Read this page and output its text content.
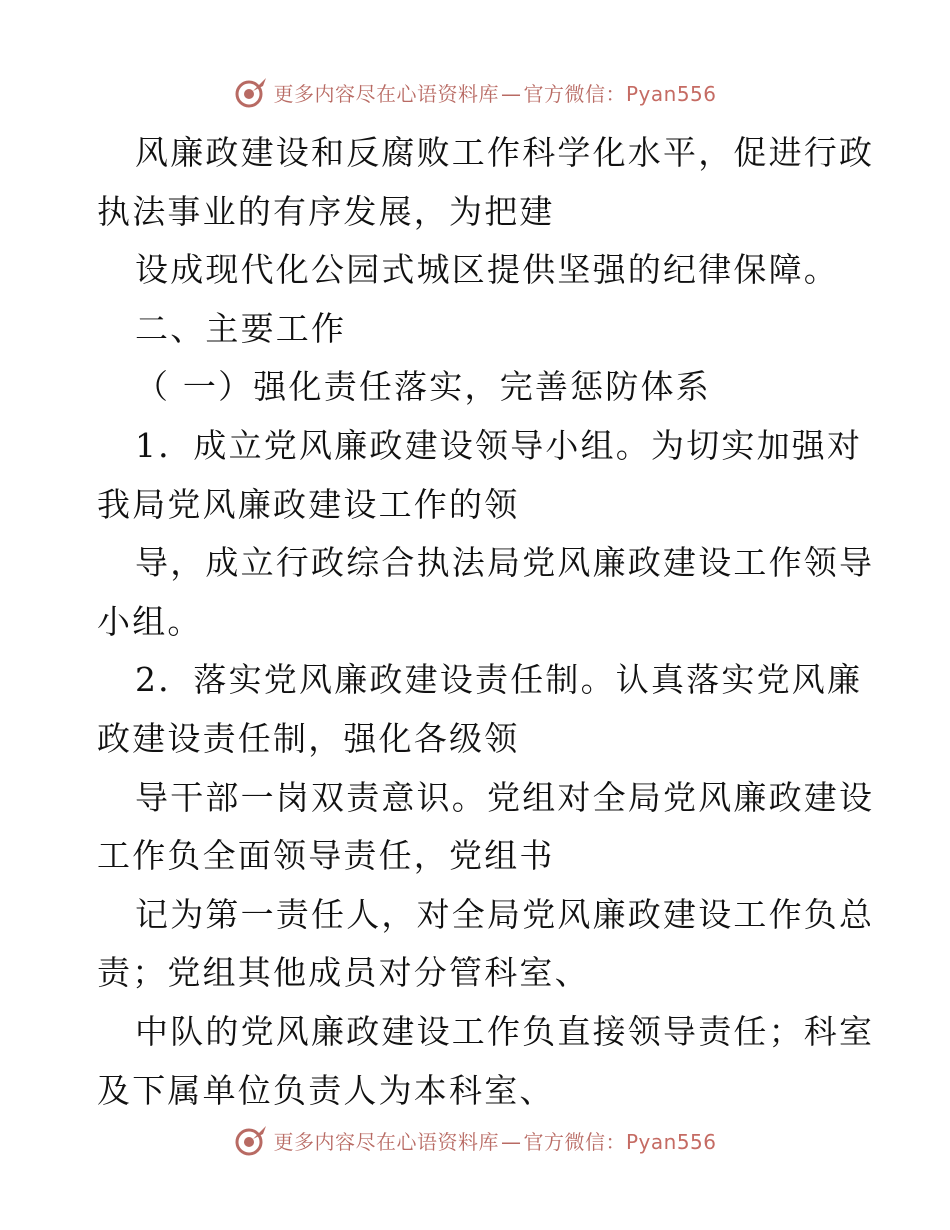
更多内容尽在心语资料库 — 官方微信：Pyan556
风廉政建设和反腐败工作科学化水平，促进行政
执法事业的有序发展，为把建
设成现代化公园式城区提供坚强的纪律保障。
二、主要工作
（ 一）强化责任落实，完善惩防体系
1．成立党风廉政建设领导小组。为切实加强对
我局党风廉政建设工作的领
导，成立行政综合执法局党风廉政建设工作领导
小组。
2．落实党风廉政建设责任制。认真落实党风廉
政建设责任制，强化各级领
导干部一岗双责意识。党组对全局党风廉政建设
工作负全面领导责任，党组书
记为第一责任人，对全局党风廉政建设工作负总
责；党组其他成员对分管科室、
中队的党风廉政建设工作负直接领导责任；科室
及下属单位负责人为本科室、
更多内容尽在心语资料库 — 官方微信：Pyan556
